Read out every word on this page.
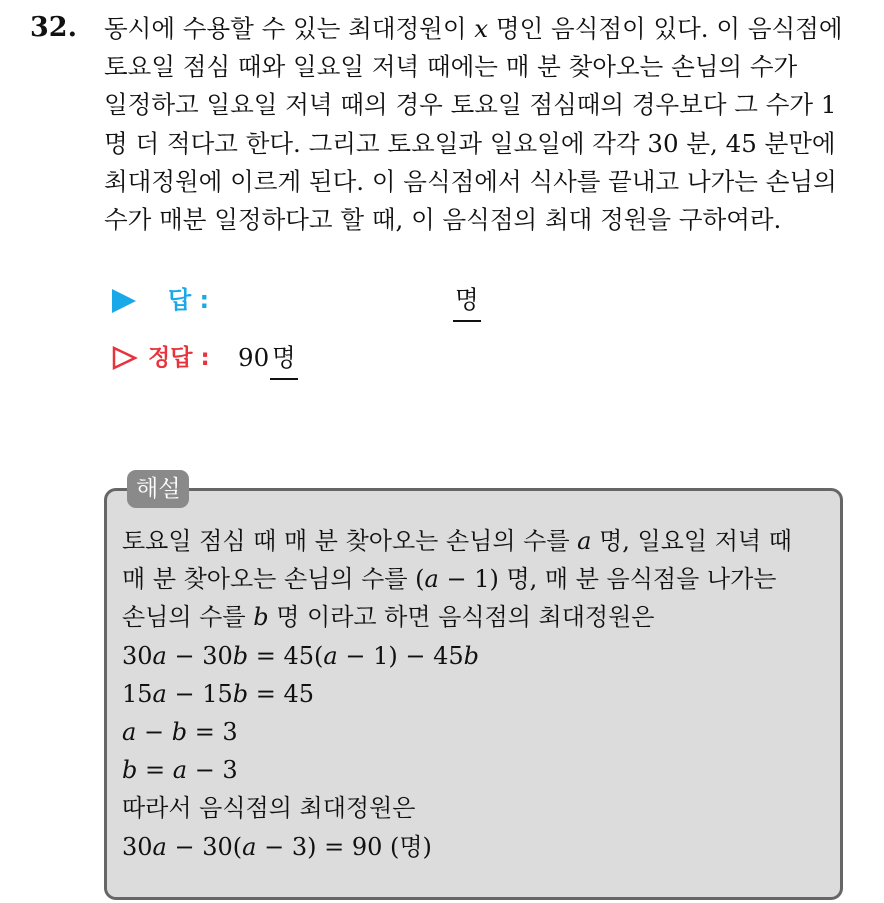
32. 동시에 수용할 수 있는 최대정원이 x 명인 음식점이 있다. 이 음식점에
토요일 점심 때와 일요일 저녁 때에는 매 분 찾아오는 손님의 수가
일정하고 일요일 저녁 때의 경우 토요일 점심때의 경우보다 그 수가 1
명 더 적다고 한다. 그리고 토요일과 일요일에 각각 30 분, 45 분만에
최대정원에 이르게 된다. 이 음식점에서 식사를 끝내고 나가는 손님의
수가 매분 일정하다고 할 때, 이 음식점의 최대 정원을 구하여라.
답 :	명
정답 : 90 명
해설
토요일 점심 때 매 분 찾아오는 손님의 수를 a 명, 일요일 저녁 때
매 분 찾아오는 손님의 수를 (a − 1) 명, 매 분 음식점을 나가는
손님의 수를 b 명 이라고 하면 음식점의 최대정원은
30a − 30b = 45(a − 1) − 45b
15a − 15b = 45
a − b = 3
b = a − 3
따라서 음식점의 최대정원은
30a − 30(a − 3) = 90 (명)
